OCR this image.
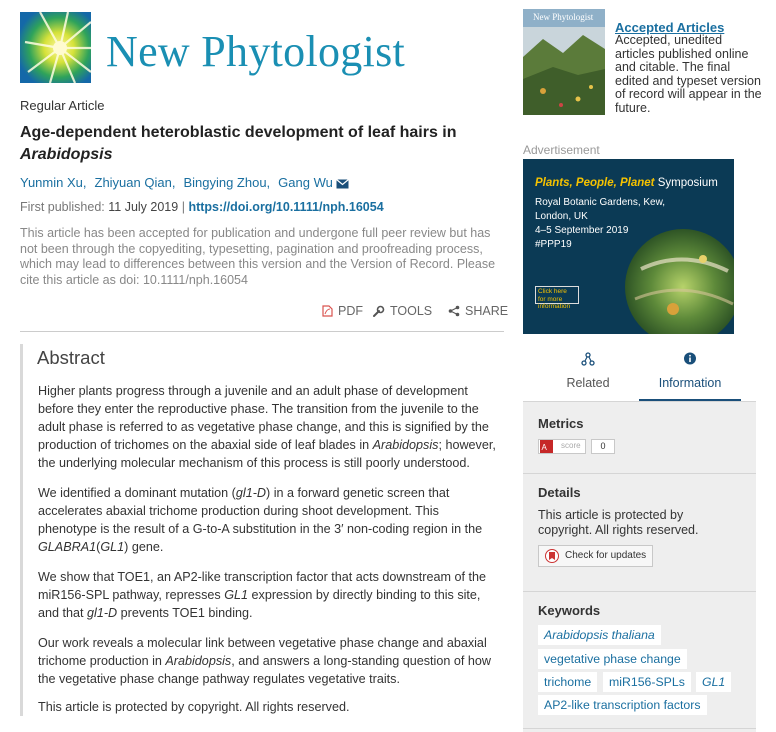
New Phytologist
Regular Article
Age-dependent heteroblastic development of leaf hairs in Arabidopsis
Yunmin Xu, Zhiyuan Qian, Bingying Zhou, Gang Wu
First published: 11 July 2019 | https://doi.org/10.1111/nph.16054
This article has been accepted for publication and undergone full peer review but has not been through the copyediting, typesetting, pagination and proofreading process, which may lead to differences between this version and the Version of Record. Please cite this article as doi: 10.1111/nph.16054
PDF TOOLS	SHARE
Abstract

Higher plants progress through a juvenile and an adult phase of development before they enter the reproductive phase. The transition from the juvenile to the adult phase is referred to as vegetative phase change, and this is signified by the production of trichomes on the abaxial side of leaf blades in Arabidopsis; however, the underlying molecular mechanism of this process is still poorly understood.

We identified a dominant mutation (gl1-D) in a forward genetic screen that accelerates abaxial trichome production during shoot development. This phenotype is the result of a G-to-A substitution in the 3′ non-coding region in the GLABRA1(GL1) gene.

We show that TOE1, an AP2-like transcription factor that acts downstream of the miR156-SPL pathway, represses GL1 expression by directly binding to this site, and that gl1-D prevents TOE1 binding.

Our work reveals a molecular link between vegetative phase change and abaxial trichome production in Arabidopsis, and answers a long-standing question of how the vegetative phase change pathway regulates vegetative traits.

This article is protected by copyright. All rights reserved.

New Phytologist
Accepted Articles
Accepted, unedited articles published online and citable. The final edited and typeset version of record will appear in the future.
Advertisement
Plants, People, Planet Symposium
Royal Botanic Gardens, Kew,
London, UK
4–5 September 2019
#PPP19
Click here for more information
Related	Information
Metrics
A score	0
Details
This article is protected by copyright. All rights reserved.
Check for updates
Keywords
Arabidopsis thaliana
vegetative phase change
trichome	miR156-SPLs	GL1
AP2-like transcription factors
